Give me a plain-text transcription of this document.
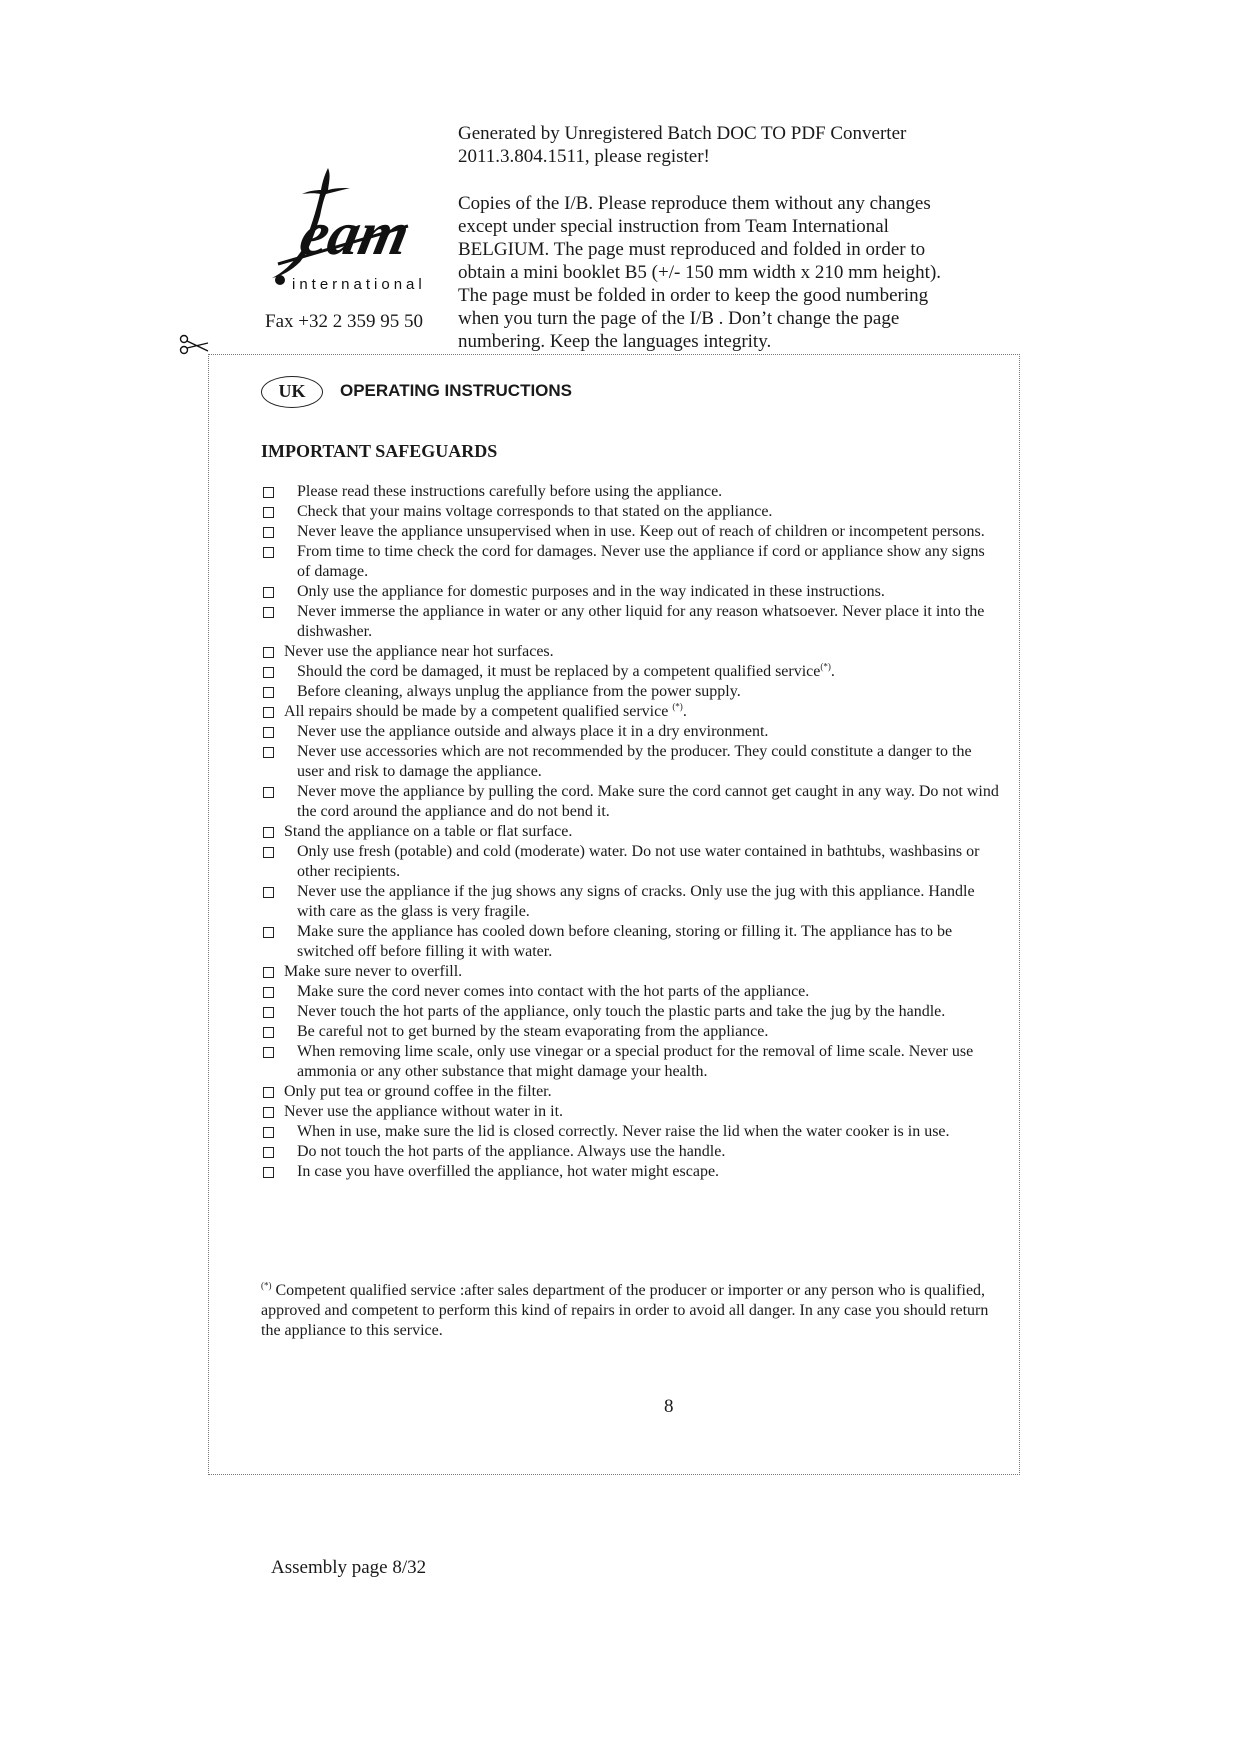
eam
international
Fax +32 2 359 95 50
Generated by Unregistered Batch DOC TO PDF Converter
2011.3.804.1511, please register!
Copies of the I/B. Please reproduce them without any changes
except under special instruction from Team International
BELGIUM. The page must reproduced and folded in order to
obtain a mini booklet B5 (+/- 150 mm width x 210 mm height).
The page must be folded in order to keep the good numbering
when you turn the page of the I/B . Don’t change the page
numbering. Keep the languages integrity.
UK	OPERATING INSTRUCTIONS
IMPORTANT SAFEGUARDS
Please read these instructions carefully before using the appliance.
Check that your mains voltage corresponds to that stated on the appliance.
Never leave the appliance unsupervised when in use. Keep out of reach of children or incompetent persons.
From time to time check the cord for damages. Never use the appliance if cord or appliance show any signs of damage.
Only use the appliance for domestic purposes and in the way indicated in these instructions.
Never immerse the appliance in water or any other liquid for any reason whatsoever. Never place it into the dishwasher.
Never use the appliance near hot surfaces.
Should the cord be damaged, it must be replaced by a competent qualified service(*).
Before cleaning, always unplug the appliance from the power supply.
All repairs should be made by a competent qualified service (*).
Never use the appliance outside and always place it in a dry environment.
Never use accessories which are not recommended by the producer. They could constitute a danger to the user and risk to damage the appliance.
Never move the appliance by pulling the cord. Make sure the cord cannot get caught in any way. Do not wind the cord around the appliance and do not bend it.
Stand the appliance on a table or flat surface.
Only use fresh (potable) and cold (moderate) water. Do not use water contained in bathtubs, washbasins or other recipients.
Never use the appliance if the jug shows any signs of cracks. Only use the jug with this appliance. Handle with care as the glass is very fragile.
Make sure the appliance has cooled down before cleaning, storing or filling it. The appliance has to be switched off before filling it with water.
Make sure never to overfill.
Make sure the cord never comes into contact with the hot parts of the appliance.
Never touch the hot parts of the appliance, only touch the plastic parts and take the jug by the handle.
Be careful not to get burned by the steam evaporating from the appliance.
When removing lime scale, only use vinegar or a special product for the removal of lime scale. Never use ammonia or any other substance that might damage your health.
Only put tea or ground coffee in the filter.
Never use the appliance without water in it.
When in use, make sure the lid is closed correctly. Never raise the lid when the water cooker is in use.
Do not touch the hot parts of the appliance. Always use the handle.
In case you have overfilled the appliance, hot water might escape.
(*) Competent qualified service :after sales department of the producer or importer or any person who is qualified, approved and competent to perform this kind of repairs in order to avoid all danger. In any case you should return the appliance to this service.
8
Assembly page 8/32
